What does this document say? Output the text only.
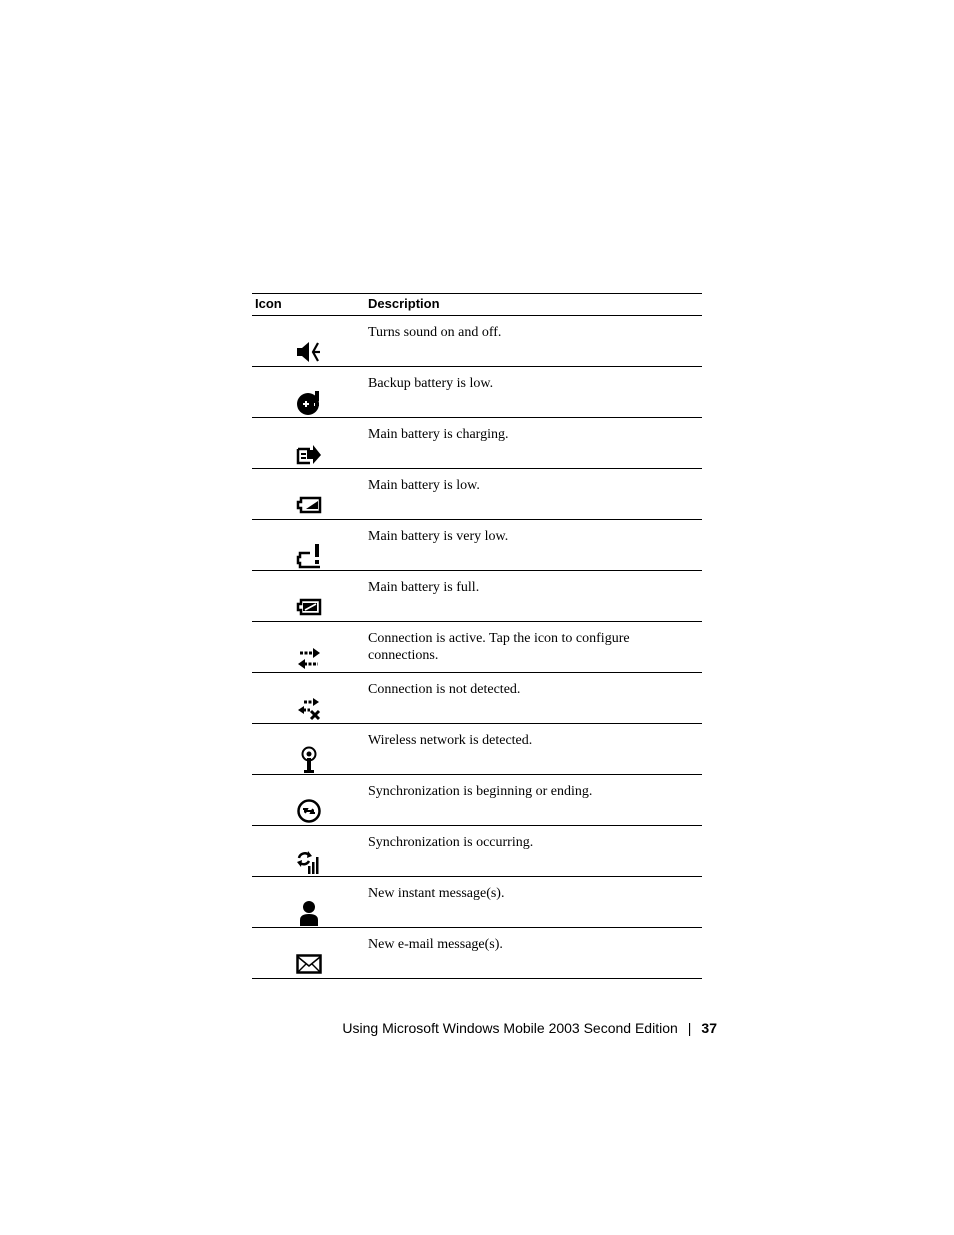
Icon	Description
Turns sound on and off.
Backup battery is low.
Main battery is charging.
Main battery is low.
Main battery is very low.
Main battery is full.
Connection is active. Tap the icon to configure connections.
Connection is not detected.
Wireless network is detected.
Synchronization is beginning or ending.
Synchronization is occurring.
New instant message(s).
New e-mail message(s).
Using Microsoft Windows Mobile 2003 Second Edition | 37
